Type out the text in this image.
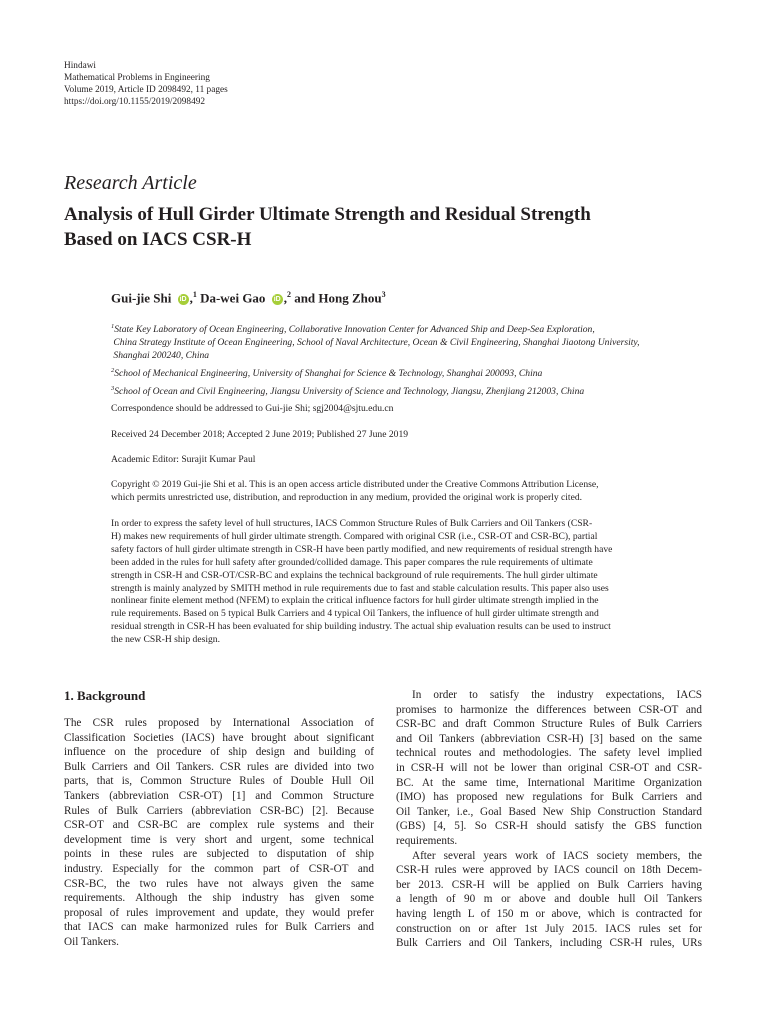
Hindawi
Mathematical Problems in Engineering
Volume 2019, Article ID 2098492, 11 pages
https://doi.org/10.1155/2019/2098492
Research Article
Analysis of Hull Girder Ultimate Strength and Residual Strength
Based on IACS CSR-H
Gui-jie Shi iD ,$^1$ Da-wei Gao iD ,$^2$ and Hong Zhou$^3$
$^1$State Key Laboratory of Ocean Engineering, Collaborative Innovation Center for Advanced Ship and Deep-Sea Exploration,
China Strategy Institute of Ocean Engineering, School of Naval Architecture, Ocean & Civil Engineering, Shanghai Jiaotong University,
Shanghai 200240, China
$^2$School of Mechanical Engineering, University of Shanghai for Science & Technology, Shanghai 200093, China
$^3$School of Ocean and Civil Engineering, Jiangsu University of Science and Technology, Jiangsu, Zhenjiang 212003, China
Correspondence should be addressed to Gui-jie Shi; sgj2004@sjtu.edu.cn
Received 24 December 2018; Accepted 2 June 2019; Published 27 June 2019
Academic Editor: Surajit Kumar Paul
Copyright © 2019 Gui-jie Shi et al. This is an open access article distributed under the Creative Commons Attribution License,
which permits unrestricted use, distribution, and reproduction in any medium, provided the original work is properly cited.
In order to express the safety level of hull structures, IACS Common Structure Rules of Bulk Carriers and Oil Tankers (CSR-
H) makes new requirements of hull girder ultimate strength. Compared with original CSR (i.e., CSR-OT and CSR-BC), partial
safety factors of hull girder ultimate strength in CSR-H have been partly modified, and new requirements of residual strength have
been added in the rules for hull safety after grounded/collided damage. This paper compares the rule requirements of ultimate
strength in CSR-H and CSR-OT/CSR-BC and explains the technical background of rule requirements. The hull girder ultimate
strength is mainly analyzed by SMITH method in rule requirements due to fast and stable calculation results. This paper also uses
nonlinear finite element method (NFEM) to explain the critical influence factors for hull girder ultimate strength implied in the
rule requirements. Based on 5 typical Bulk Carriers and 4 typical Oil Tankers, the influence of hull girder ultimate strength and
residual strength in CSR-H has been evaluated for ship building industry. The actual ship evaluation results can be used to instruct
the new CSR-H ship design.
1. Background
The CSR rules proposed by International Association of
Classification Societies (IACS) have brought about significant
influence on the procedure of ship design and building of
Bulk Carriers and Oil Tankers. CSR rules are divided into two
parts, that is, Common Structure Rules of Double Hull Oil
Tankers (abbreviation CSR-OT) [1] and Common Structure
Rules of Bulk Carriers (abbreviation CSR-BC) [2]. Because
CSR-OT and CSR-BC are complex rule systems and their
development time is very short and urgent, some technical
points in these rules are subjected to disputation of ship
industry. Especially for the common part of CSR-OT and
CSR-BC, the two rules have not always given the same
requirements. Although the ship industry has given some
proposal of rules improvement and update, they would prefer
that IACS can make harmonized rules for Bulk Carriers and
Oil Tankers.
In order to satisfy the industry expectations, IACS
promises to harmonize the differences between CSR-OT and
CSR-BC and draft Common Structure Rules of Bulk Carriers
and Oil Tankers (abbreviation CSR-H) [3] based on the same
technical routes and methodologies. The safety level implied
in CSR-H will not be lower than original CSR-OT and CSR-
BC. At the same time, International Maritime Organization
(IMO) has proposed new regulations for Bulk Carriers and
Oil Tanker, i.e., Goal Based New Ship Construction Standard
(GBS) [4, 5]. So CSR-H should satisfy the GBS function
requirements.
After several years work of IACS society members, the
CSR-H rules were approved by IACS council on 18th Decem-
ber 2013. CSR-H will be applied on Bulk Carriers having
a length of 90 m or above and double hull Oil Tankers
having length L of 150 m or above, which is contracted for
construction on or after 1st July 2015. IACS rules set for
Bulk Carriers and Oil Tankers, including CSR-H rules, URs
